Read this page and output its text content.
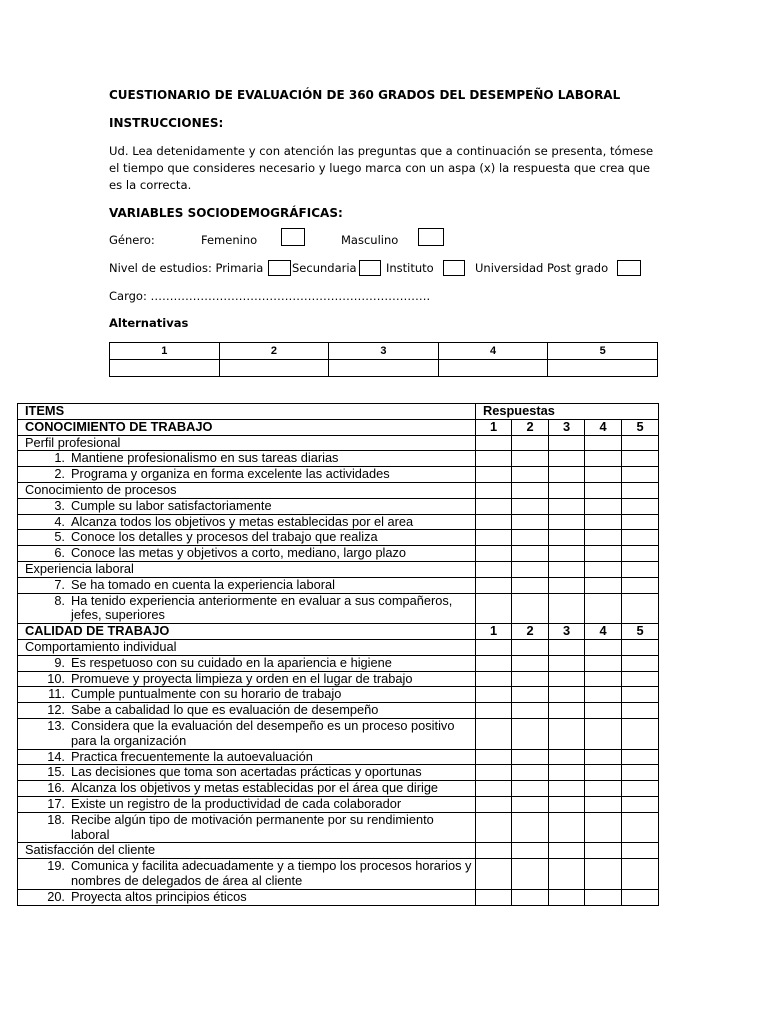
CUESTIONARIO DE EVALUACIÓN DE 360 GRADOS DEL DESEMPEÑO LABORAL
INSTRUCCIONES:
Ud. Lea detenidamente y con atención las preguntas que a continuación se presenta, tómese el tiempo que consideres necesario y luego marca con un aspa (x) la respuesta que crea que es la correcta.
VARIABLES SOCIODEMOGRÁFICAS:
Género:	Femenino	Masculino
Nivel de estudios: Primaria Secundaria	Instituto	Universidad Post grado
Cargo: ……………………………………………………………….
Alternativas
1	2	3	4	5

ITEMS	Respuestas				
CONOCIMIENTO DE TRABAJO	1	2	3	4	5
Perfil profesional					

1. Mantiene profesionalismo en sus tareas diarias					

2. Programa y organiza en forma excelente las actividades					

Conocimiento de procesos					

3. Cumple su labor satisfactoriamente					

4. Alcanza todos los objetivos y metas establecidas por el area					

5. Conoce los detalles y procesos del trabajo que realiza					

6. Conoce las metas y objetivos a corto, mediano, largo plazo					

Experiencia laboral					

7. Se ha tomado en cuenta la experiencia laboral					

8. Ha tenido experiencia anteriormente en evaluar a sus compañeros, jefes, superiores					

CALIDAD DE TRABAJO	1	2	3	4	5
Comportamiento individual					

9. Es respetuoso con su cuidado en la apariencia e higiene					

10. Promueve y proyecta limpieza y orden en el lugar de trabajo					

11. Cumple puntualmente con su horario de trabajo					

12. Sabe a cabalidad lo que es evaluación de desempeño					

13. Considera que la evaluación del desempeño es un proceso positivo para la organización					

14. Practica frecuentemente la autoevaluación					

15. Las decisiones que toma son acertadas prácticas y oportunas					

16. Alcanza los objetivos y metas establecidas por el área que dirige					

17. Existe un registro de la productividad de cada colaborador					

18. Recibe algún tipo de motivación permanente por su rendimiento laboral					

Satisfacción del cliente					

19. Comunica y facilita adecuadamente y a tiempo los procesos horarios y nombres de delegados de área al cliente					

20. Proyecta altos principios éticos					
